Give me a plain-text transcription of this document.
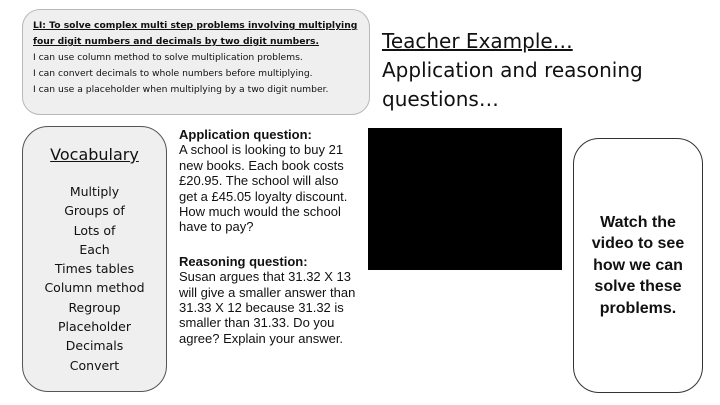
LI: To solve complex multi step problems involving multiplying
four digit numbers and decimals by two digit numbers.
I can use column method to solve multiplication problems.
I can convert decimals to whole numbers before multiplying.
I can use a placeholder when multiplying by a two digit number.
Teacher Example…
Application and reasoning
questions…
Vocabulary
Multiply
Groups of
Lots of
Each
Times tables
Column method
Regroup
Placeholder
Decimals
Convert
Application question:
A school is looking to buy 21 new books. Each book costs £20.95. The school will also get a £45.05 loyalty discount. How much would the school have to pay?
Reasoning question:
Susan argues that 31.32 X 13 will give a smaller answer than 31.33 X 12 because 31.32 is smaller than 31.33. Do you agree? Explain your answer.
Watch the video to see how we can solve these problems.
